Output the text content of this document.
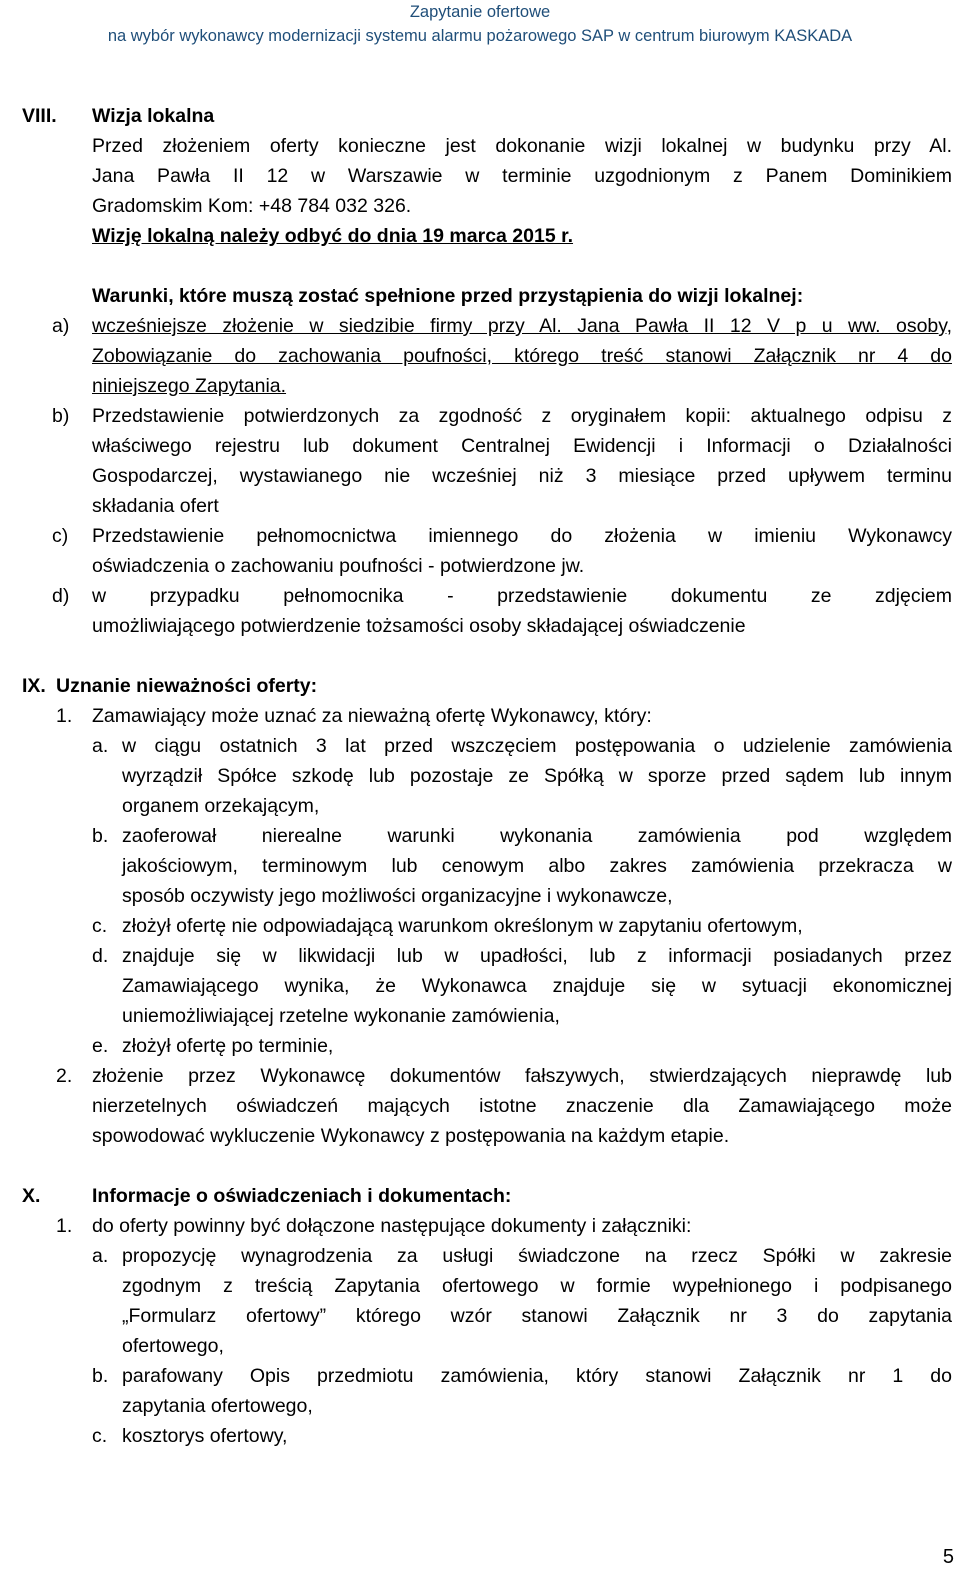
Zapytanie ofertowe
na wybór wykonawcy modernizacji systemu alarmu pożarowego SAP w centrum biurowym KASKADA
VIII. Wizja lokalna
Przed złożeniem oferty konieczne jest dokonanie wizji lokalnej w budynku przy Al.
Jana Pawła II 12 w Warszawie w terminie uzgodnionym z Panem Dominikiem
Gradomskim Kom: +48 784 032 326.
Wizję lokalną należy odbyć do dnia 19 marca 2015 r.
Warunki, które muszą zostać spełnione przed przystąpienia do wizji lokalnej:
a) wcześniejsze złożenie w siedzibie firmy przy Al. Jana Pawła II 12 V p u ww. osoby,
Zobowiązanie do zachowania poufności, którego treść stanowi Załącznik nr 4 do
niniejszego Zapytania.
b) Przedstawienie potwierdzonych za zgodność z oryginałem kopii: aktualnego odpisu z
właściwego rejestru lub dokument Centralnej Ewidencji i Informacji o Działalności
Gospodarczej, wystawianego nie wcześniej niż 3 miesiące przed upływem terminu
składania ofert
c) Przedstawienie pełnomocnictwa imiennego do złożenia w imieniu Wykonawcy
oświadczenia o zachowaniu poufności - potwierdzone jw.
d) w przypadku pełnomocnika - przedstawienie dokumentu ze zdjęciem
umożliwiającego potwierdzenie tożsamości osoby składającej oświadczenie
IX. Uznanie nieważności oferty:
1. Zamawiający może uznać za nieważną ofertę Wykonawcy, który:
a. w ciągu ostatnich 3 lat przed wszczęciem postępowania o udzielenie zamówienia
wyrządził Spółce szkodę lub pozostaje ze Spółką w sporze przed sądem lub innym
organem orzekającym,
b. zaoferował nierealne warunki wykonania zamówienia pod względem
jakościowym, terminowym lub cenowym albo zakres zamówienia przekracza w
sposób oczywisty jego możliwości organizacyjne i wykonawcze,
c. złożył ofertę nie odpowiadającą warunkom określonym w zapytaniu ofertowym,
d. znajduje się w likwidacji lub w upadłości, lub z informacji posiadanych przez
Zamawiającego wynika, że Wykonawca znajduje się w sytuacji ekonomicznej
uniemożliwiającej rzetelne wykonanie zamówienia,
e. złożył ofertę po terminie,
2. złożenie przez Wykonawcę dokumentów fałszywych, stwierdzających nieprawdę lub
nierzetelnych oświadczeń mających istotne znaczenie dla Zamawiającego może
spowodować wykluczenie Wykonawcy z postępowania na każdym etapie.
X.	Informacje o oświadczeniach i dokumentach:
1. do oferty powinny być dołączone następujące dokumenty i załączniki:
a. propozycję wynagrodzenia za usługi świadczone na rzecz Spółki w zakresie
zgodnym z treścią Zapytania ofertowego w formie wypełnionego i podpisanego
„Formularz ofertowy” którego wzór stanowi Załącznik nr 3 do zapytania
ofertowego,
b. parafowany Opis przedmiotu zamówienia, który stanowi Załącznik nr 1 do
zapytania ofertowego,
c. kosztorys ofertowy,
5
